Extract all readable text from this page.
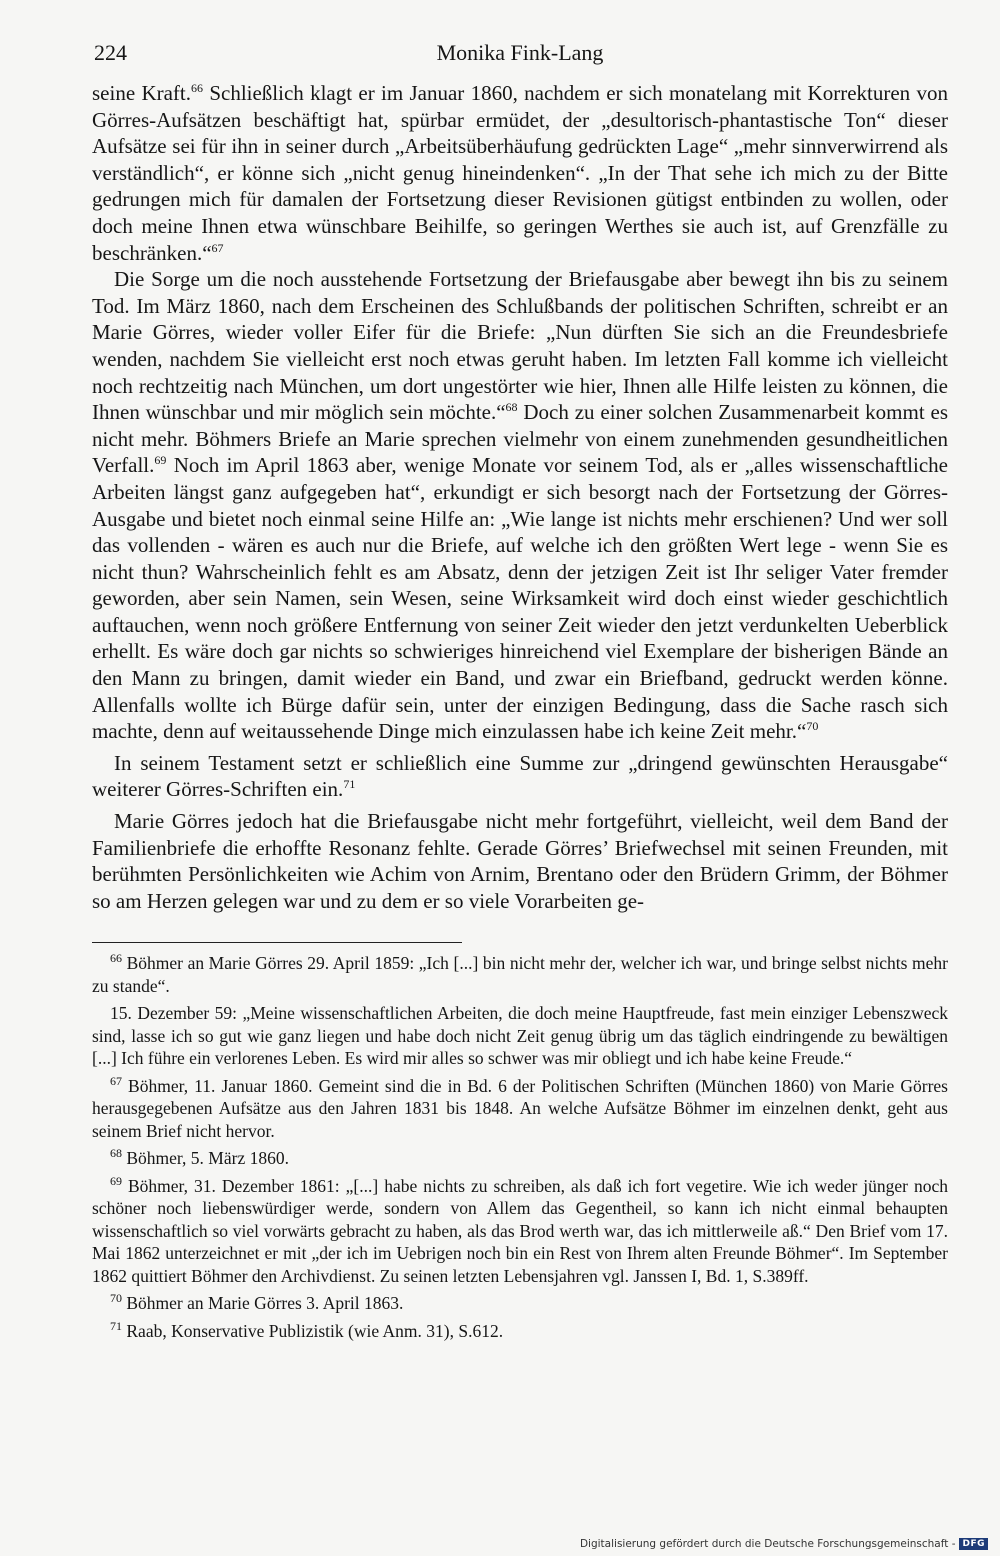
224	Monika Fink-Lang

seine Kraft.$^{66}$ Schließlich klagt er im Januar 1860, nachdem er sich monatelang mit Korrekturen von Görres-Aufsätzen beschäftigt hat, spürbar ermüdet, der „desultorisch-phantastische Ton“ dieser Aufsätze sei für ihn in seiner durch „Arbeitsüberhäufung gedrückten Lage“ „mehr sinnverwirrend als verständlich“, er könne sich „nicht genug hineindenken“. „In der That sehe ich mich zu der Bitte gedrungen mich für damalen der Fortsetzung dieser Revisionen gütigst entbinden zu wollen, oder doch meine Ihnen etwa wünschbare Beihilfe, so geringen Werthes sie auch ist, auf Grenzfälle zu beschränken.“$^{67}$

Die Sorge um die noch ausstehende Fortsetzung der Briefausgabe aber bewegt ihn bis zu seinem Tod. Im März 1860, nach dem Erscheinen des Schlußbands der politischen Schriften, schreibt er an Marie Görres, wieder voller Eifer für die Briefe: „Nun dürften Sie sich an die Freundesbriefe wenden, nachdem Sie vielleicht erst noch etwas geruht haben. Im letzten Fall komme ich vielleicht noch rechtzeitig nach München, um dort ungestörter wie hier, Ihnen alle Hilfe leisten zu können, die Ihnen wünschbar und mir möglich sein möchte.“$^{68}$ Doch zu einer solchen Zusammenarbeit kommt es nicht mehr. Böhmers Briefe an Marie sprechen vielmehr von einem zunehmenden gesundheitlichen Verfall.$^{69}$ Noch im April 1863 aber, wenige Monate vor seinem Tod, als er „alles wissenschaftliche Arbeiten längst ganz aufgegeben hat“, erkundigt er sich besorgt nach der Fortsetzung der Görres-Ausgabe und bietet noch einmal seine Hilfe an: „Wie lange ist nichts mehr erschienen? Und wer soll das vollenden - wären es auch nur die Briefe, auf welche ich den größten Wert lege - wenn Sie es nicht thun? Wahrscheinlich fehlt es am Absatz, denn der jetzigen Zeit ist Ihr seliger Vater fremder geworden, aber sein Namen, sein Wesen, seine Wirksamkeit wird doch einst wieder geschichtlich auftauchen, wenn noch größere Entfernung von seiner Zeit wieder den jetzt verdunkelten Ueberblick erhellt. Es wäre doch gar nichts so schwieriges hinreichend viel Exemplare der bisherigen Bände an den Mann zu bringen, damit wieder ein Band, und zwar ein Briefband, gedruckt werden könne. Allenfalls wollte ich Bürge dafür sein, unter der einzigen Bedingung, dass die Sache rasch sich machte, denn auf weitaussehende Dinge mich einzulassen habe ich keine Zeit mehr.“$^{70}$

In seinem Testament setzt er schließlich eine Summe zur „dringend gewünschten Herausgabe“ weiterer Görres-Schriften ein.$^{71}$

Marie Görres jedoch hat die Briefausgabe nicht mehr fortgeführt, vielleicht, weil dem Band der Familienbriefe die erhoffte Resonanz fehlte. Gerade Görres’ Briefwechsel mit seinen Freunden, mit berühmten Persönlichkeiten wie Achim von Arnim, Brentano oder den Brüdern Grimm, der Böhmer so am Herzen gelegen war und zu dem er so viele Vorarbeiten ge-

$^{66}$ Böhmer an Marie Görres 29. April 1859: „Ich [...] bin nicht mehr der, welcher ich war, und bringe selbst nichts mehr zu stande“.

15. Dezember 59: „Meine wissenschaftlichen Arbeiten, die doch meine Hauptfreude, fast mein einziger Lebenszweck sind, lasse ich so gut wie ganz liegen und habe doch nicht Zeit genug übrig um das täglich eindringende zu bewältigen [...] Ich führe ein verlorenes Leben. Es wird mir alles so schwer was mir obliegt und ich habe keine Freude.“

$^{67}$ Böhmer, 11. Januar 1860. Gemeint sind die in Bd. 6 der Politischen Schriften (München 1860) von Marie Görres herausgegebenen Aufsätze aus den Jahren 1831 bis 1848. An welche Aufsätze Böhmer im einzelnen denkt, geht aus seinem Brief nicht hervor.

$^{68}$ Böhmer, 5. März 1860.

$^{69}$ Böhmer, 31. Dezember 1861: „[...] habe nichts zu schreiben, als daß ich fort vegetire. Wie ich weder jünger noch schöner noch liebenswürdiger werde, sondern von Allem das Gegentheil, so kann ich nicht einmal behaupten wissenschaftlich so viel vorwärts gebracht zu haben, als das Brod werth war, das ich mittlerweile aß.“ Den Brief vom 17. Mai 1862 unterzeichnet er mit „der ich im Uebrigen noch bin ein Rest von Ihrem alten Freunde Böhmer“. Im September 1862 quittiert Böhmer den Archivdienst. Zu seinen letzten Lebensjahren vgl. Janssen I, Bd. 1, S.389ff.

$^{70}$ Böhmer an Marie Görres 3. April 1863.

$^{71}$ Raab, Konservative Publizistik (wie Anm. 31), S.612.

Digitalisierung gefördert durch die Deutsche Forschungsgemeinschaft - DFG
